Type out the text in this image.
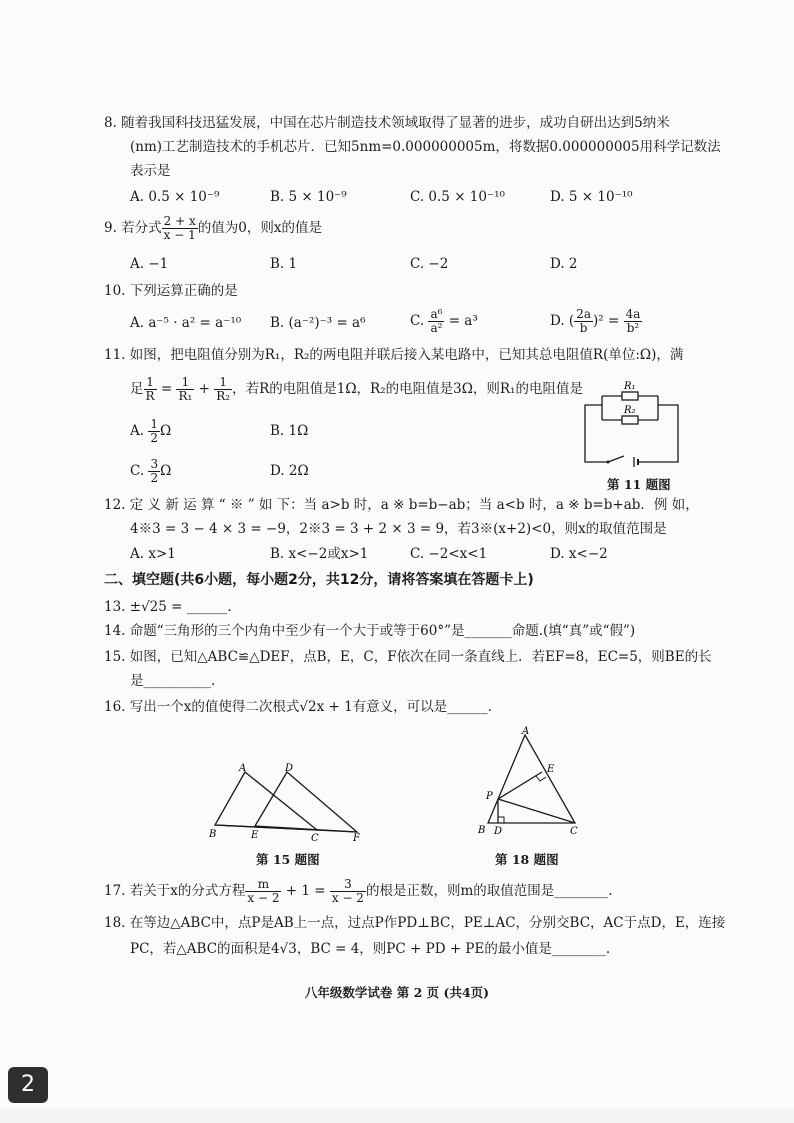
8. 随着我国科技迅猛发展，中国在芯片制造技术领域取得了显著的进步，成功自研出达到5纳米
(nm)工艺制造技术的手机芯片．已知5nm=0.000000005m，将数据0.000000005用科学记数法
表示是
A. 0.5 × 10⁻⁹	B. 5 × 10⁻⁹	C. 0.5 × 10⁻¹⁰	D. 5 × 10⁻¹⁰
9. 若分式 $\frac{2 + x}{x - 1}$ 的值为0，则x的值是
A. −1	B. 1	C. −2	D. 2
10. 下列运算正确的是
A. a⁻⁵ · a² = a⁻¹⁰ B. (a⁻²)⁻³ = a⁶	C. $\frac{\text{a⁶}}{\text{a²}} = a^3$	D. ( $\frac{2a}{b} )^2 = \frac{4a}{\text{b²}}$
11. 如图，把电阻值分别为R₁，R₂的两电阻并联后接入某电路中，已知其总电阻值R(单位:Ω)，满
足 $\frac{1}{R} = \frac{1}{\text{R₁}} + \frac{1}{\text{R₂}}$ ，若R的电阻值是1Ω，R₂的电阻值是3Ω，则R₁的电阻值是
A. $\frac{1}{2}$ Ω	B. 1Ω
C. $\frac{3}{2}$ Ω	D. 2Ω
R₁
R₂
第 11 题图
12. 定 义 新 运 算 “ ※ ” 如 下：当 a>b 时，a ※ b=b−ab；当 a<b 时，a ※ b=b+ab．例 如，
4※3 = 3 − 4 × 3 = −9，2※3 = 3 + 2 × 3 = 9，若3※(x+2)<0，则x的取值范围是
A. x>1	B. x<−2或x>1	C. −2<x<1	D. x<−2
二、填空题(共6小题，每小题2分，共12分，请将答案填在答题卡上)
13. ±√25 = ______.
14. 命题“三角形的三个内角中至少有一个大于或等于60°”是_______命题.(填“真”或“假”)
15. 如图，已知△ABC≌△DEF，点B，E，C，F依次在同一条直线上．若EF=8，EC=5，则BE的长
是__________.
16. 写出一个x的值使得二次根式√2x + 1有意义，可以是______.
A	D
B	E	C	F
第 15 题图
A
E
P
B D	C
第 18 题图
17. 若关于x的分式方程 $\frac{m}{x - 2} + 1 = \frac{3}{x - 2}$ 的根是正数，则m的取值范围是________.
18. 在等边△ABC中，点P是AB上一点，过点P作PD⊥BC，PE⊥AC，分别交BC，AC于点D，E，连接
PC，若△ABC的面积是4√3，BC = 4，则PC + PD + PE的最小值是________.
八年级数学试卷 第 2 页 (共4页)
2
